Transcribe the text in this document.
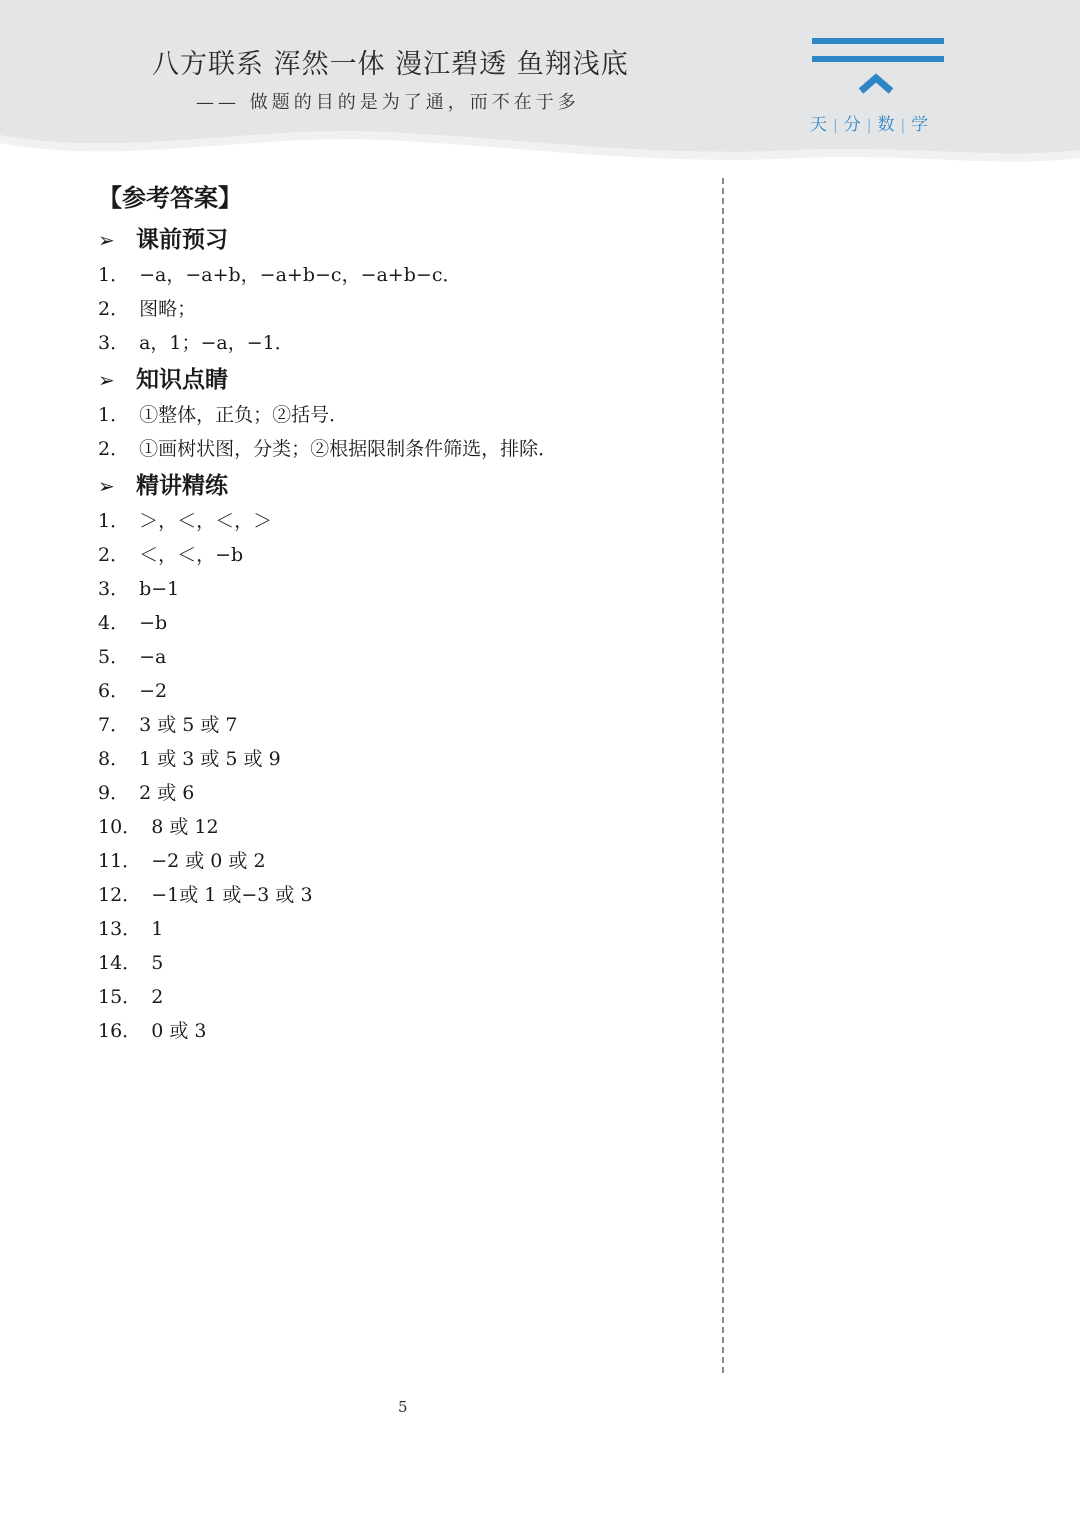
八方联系 浑然一体 漫江碧透 鱼翔浅底
—— 做题的目的是为了通，而不在于多
天 | 分 | 数 | 学
【参考答案】
➢ 课前预习
1． −a，−a+b，−a+b−c，−a+b−c．
2． 图略；
3． a，1；−a，−1．
➢ 知识点睛
1． ①整体，正负；②括号．
2． ①画树状图，分类；②根据限制条件筛选，排除．
➢ 精讲精练
1． ＞，＜，＜，＞
2． ＜，＜，−b
3． b−1
4． −b
5． −a
6． −2
7． 3 或 5 或 7
8． 1 或 3 或 5 或 9
9． 2 或 6
10． 8 或 12
11． −2 或 0 或 2
12． −1或 1 或−3 或 3
13． 1
14． 5
15． 2
16． 0 或 3
5
